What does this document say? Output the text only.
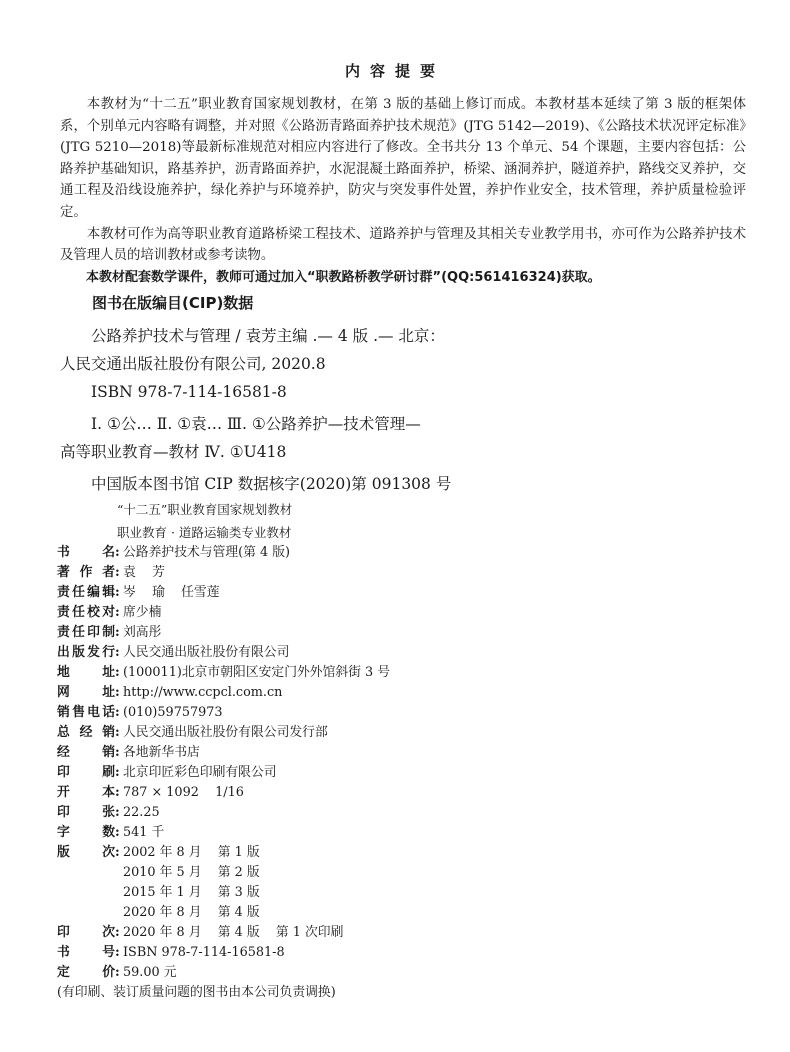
内容提要

本教材为“十二五”职业教育国家规划教材，在第 3 版的基础上修订而成。本教材基本延续了第 3 版的框架体系，个别单元内容略有调整，并对照《公路沥青路面养护技术规范》(JTG 5142—2019)、《公路技术状况评定标准》(JTG 5210—2018)等最新标准规范对相应内容进行了修改。全书共分 13 个单元、54 个课题，主要内容包括：公路养护基础知识，路基养护，沥青路面养护，水泥混凝土路面养护，桥梁、涵洞养护，隧道养护，路线交叉养护，交通工程及沿线设施养护，绿化养护与环境养护，防灾与突发事件处置，养护作业安全，技术管理，养护质量检验评定。

本教材可作为高等职业教育道路桥梁工程技术、道路养护与管理及其相关专业教学用书，亦可作为公路养护技术及管理人员的培训教材或参考读物。

本教材配套数学课件，教师可通过加入“职教路桥教学研讨群”(QQ:561416324)获取。

图书在版编目(CIP)数据
公路养护技术与管理 / 袁芳主编 .— 4 版 .— 北京：
人民交通出版社股份有限公司, 2020.8
ISBN 978-7-114-16581-8
Ⅰ. ①公… Ⅱ. ①袁… Ⅲ. ①公路养护—技术管理—
高等职业教育—教材 Ⅳ. ①U418
中国版本图书馆 CIP 数据核字(2020)第 091308 号
“十二五”职业教育国家规划教材
职业教育 · 道路运输类专业教材
书名 : 公路养护技术与管理(第 4 版)
著作者 : 袁    芳
责任编辑 : 岑    瑜    任雪莲
责任校对 : 席少楠
责任印制 : 刘高彤
出版发行 : 人民交通出版社股份有限公司
地址 : (100011)北京市朝阳区安定门外外馆斜街 3 号
网址 : http://www.ccpcl.com.cn
销售电话 : (010)59757973
总经销 : 人民交通出版社股份有限公司发行部
经销 : 各地新华书店
印刷 : 北京印匠彩色印刷有限公司
开本 : 787 × 1092    1/16
印张 : 22.25
字数 : 541 千
版次 : 2002 年 8 月    第 1 版
2010 年 5 月    第 2 版
2015 年 1 月    第 3 版
2020 年 8 月    第 4 版
印次 : 2020 年 8 月    第 4 版    第 1 次印刷
书号 : ISBN 978-7-114-16581-8
定价 : 59.00 元
(有印刷、装订质量问题的图书由本公司负责调换)
